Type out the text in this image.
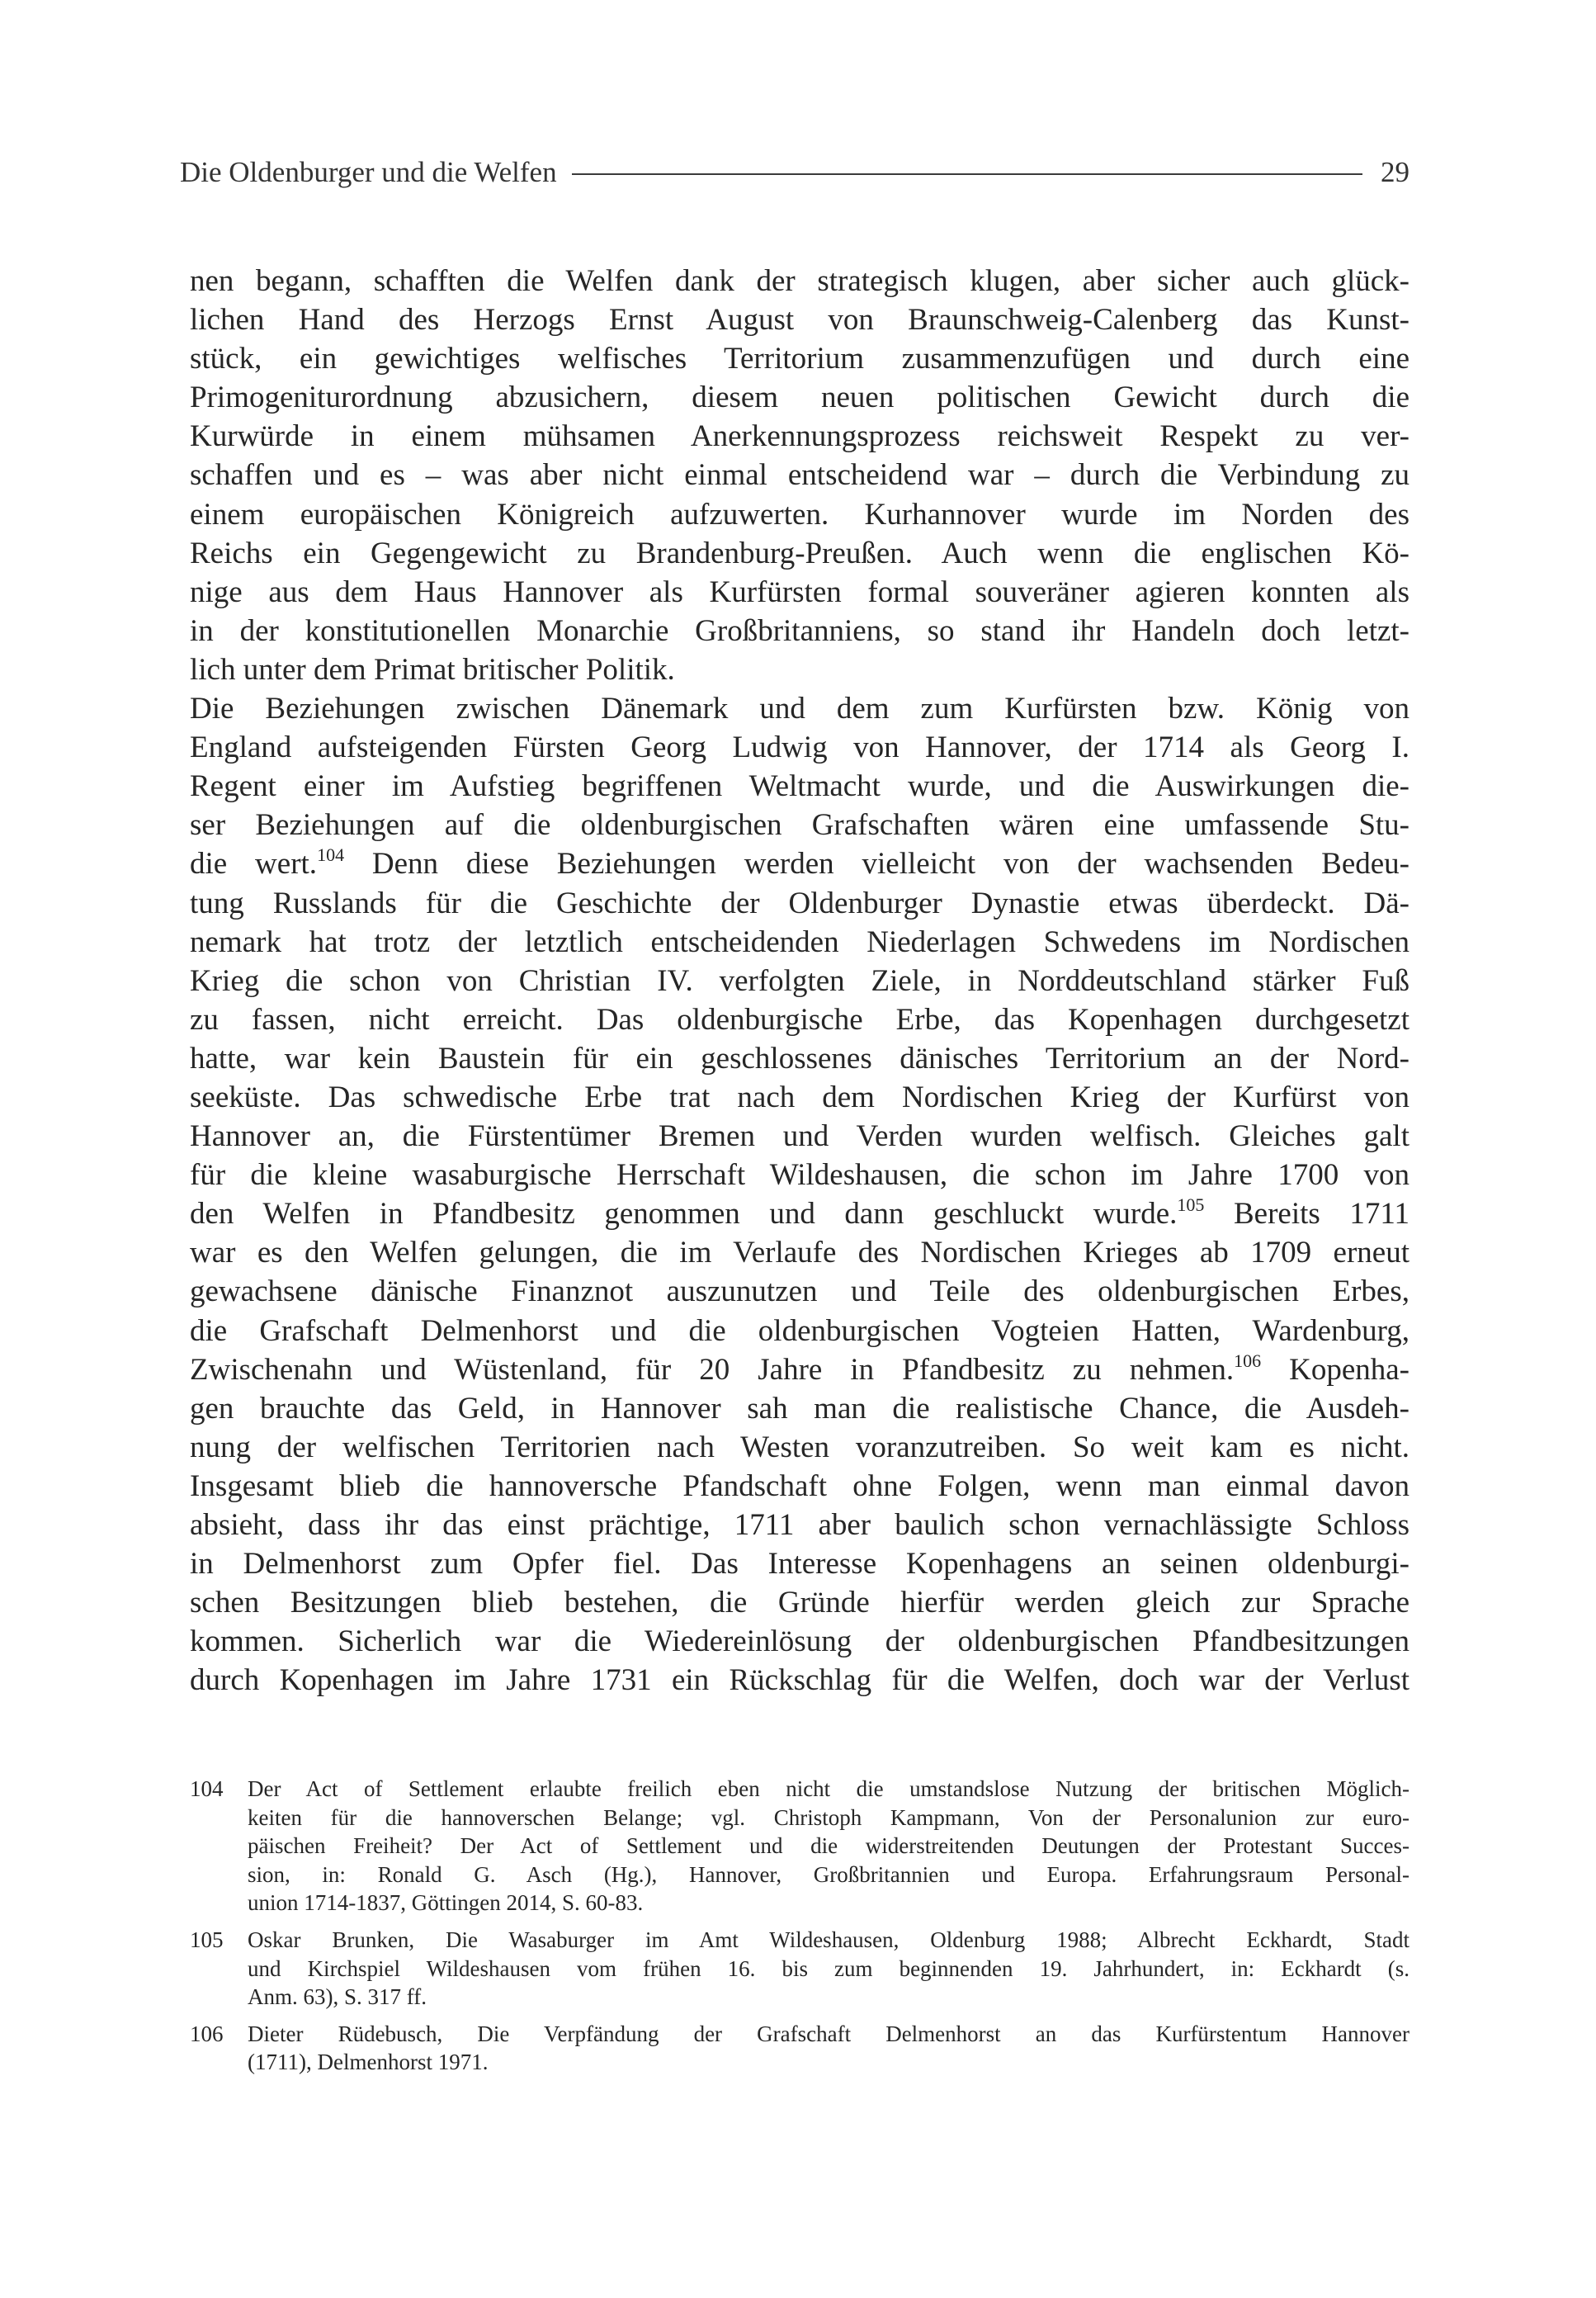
Die Oldenburger und die Welfen	29
nen begann, schafften die Welfen dank der strategisch klugen, aber sicher auch glück-
lichen Hand des Herzogs Ernst August von Braunschweig-Calenberg das Kunst-
stück, ein gewichtiges welfisches Territorium zusammenzufügen und durch eine
Primogeniturordnung abzusichern, diesem neuen politischen Gewicht durch die
Kurwürde in einem mühsamen Anerkennungsprozess reichsweit Respekt zu ver-
schaffen und es – was aber nicht einmal entscheidend war – durch die Verbindung zu
einem europäischen Königreich aufzuwerten. Kurhannover wurde im Norden des
Reichs ein Gegengewicht zu Brandenburg-Preußen. Auch wenn die englischen Kö-
nige aus dem Haus Hannover als Kurfürsten formal souveräner agieren konnten als
in der konstitutionellen Monarchie Großbritanniens, so stand ihr Handeln doch letzt-
lich unter dem Primat britischer Politik.
Die Beziehungen zwischen Dänemark und dem zum Kurfürsten bzw. König von
England aufsteigenden Fürsten Georg Ludwig von Hannover, der 1714 als Georg I.
Regent einer im Aufstieg begriffenen Weltmacht wurde, und die Auswirkungen die-
ser Beziehungen auf die oldenburgischen Grafschaften wären eine umfassende Stu-
die wert.$^{104}$ Denn diese Beziehungen werden vielleicht von der wachsenden Bedeu-
tung Russlands für die Geschichte der Oldenburger Dynastie etwas überdeckt. Dä-
nemark hat trotz der letztlich entscheidenden Niederlagen Schwedens im Nordischen
Krieg die schon von Christian IV. verfolgten Ziele, in Norddeutschland stärker Fuß
zu fassen, nicht erreicht. Das oldenburgische Erbe, das Kopenhagen durchgesetzt
hatte, war kein Baustein für ein geschlossenes dänisches Territorium an der Nord-
seeküste. Das schwedische Erbe trat nach dem Nordischen Krieg der Kurfürst von
Hannover an, die Fürstentümer Bremen und Verden wurden welfisch. Gleiches galt
für die kleine wasaburgische Herrschaft Wildeshausen, die schon im Jahre 1700 von
den Welfen in Pfandbesitz genommen und dann geschluckt wurde.$^{105}$ Bereits 1711
war es den Welfen gelungen, die im Verlaufe des Nordischen Krieges ab 1709 erneut
gewachsene dänische Finanznot auszunutzen und Teile des oldenburgischen Erbes,
die Grafschaft Delmenhorst und die oldenburgischen Vogteien Hatten, Wardenburg,
Zwischenahn und Wüstenland, für 20 Jahre in Pfandbesitz zu nehmen.$^{106}$ Kopenha-
gen brauchte das Geld, in Hannover sah man die realistische Chance, die Ausdeh-
nung der welfischen Territorien nach Westen voranzutreiben. So weit kam es nicht.
Insgesamt blieb die hannoversche Pfandschaft ohne Folgen, wenn man einmal davon
absieht, dass ihr das einst prächtige, 1711 aber baulich schon vernachlässigte Schloss
in Delmenhorst zum Opfer fiel. Das Interesse Kopenhagens an seinen oldenburgi-
schen Besitzungen blieb bestehen, die Gründe hierfür werden gleich zur Sprache
kommen. Sicherlich war die Wiedereinlösung der oldenburgischen Pfandbesitzungen
durch Kopenhagen im Jahre 1731 ein Rückschlag für die Welfen, doch war der Verlust
104	Der Act of Settlement erlaubte freilich eben nicht die umstandslose Nutzung der britischen Möglich-
keiten für die hannoverschen Belange; vgl. Christoph Kampmann, Von der Personalunion zur euro-
päischen Freiheit? Der Act of Settlement und die widerstreitenden Deutungen der Protestant Succes-
sion, in: Ronald G. Asch (Hg.), Hannover, Großbritannien und Europa. Erfahrungsraum Personal-
union 1714-1837, Göttingen 2014, S. 60-83.
105	Oskar Brunken, Die Wasaburger im Amt Wildeshausen, Oldenburg 1988; Albrecht Eckhardt, Stadt
und Kirchspiel Wildeshausen vom frühen 16. bis zum beginnenden 19. Jahrhundert, in: Eckhardt (s.
Anm. 63), S. 317 ff.
106	Dieter Rüdebusch, Die Verpfändung der Grafschaft Delmenhorst an das Kurfürstentum Hannover
(1711), Delmenhorst 1971.
